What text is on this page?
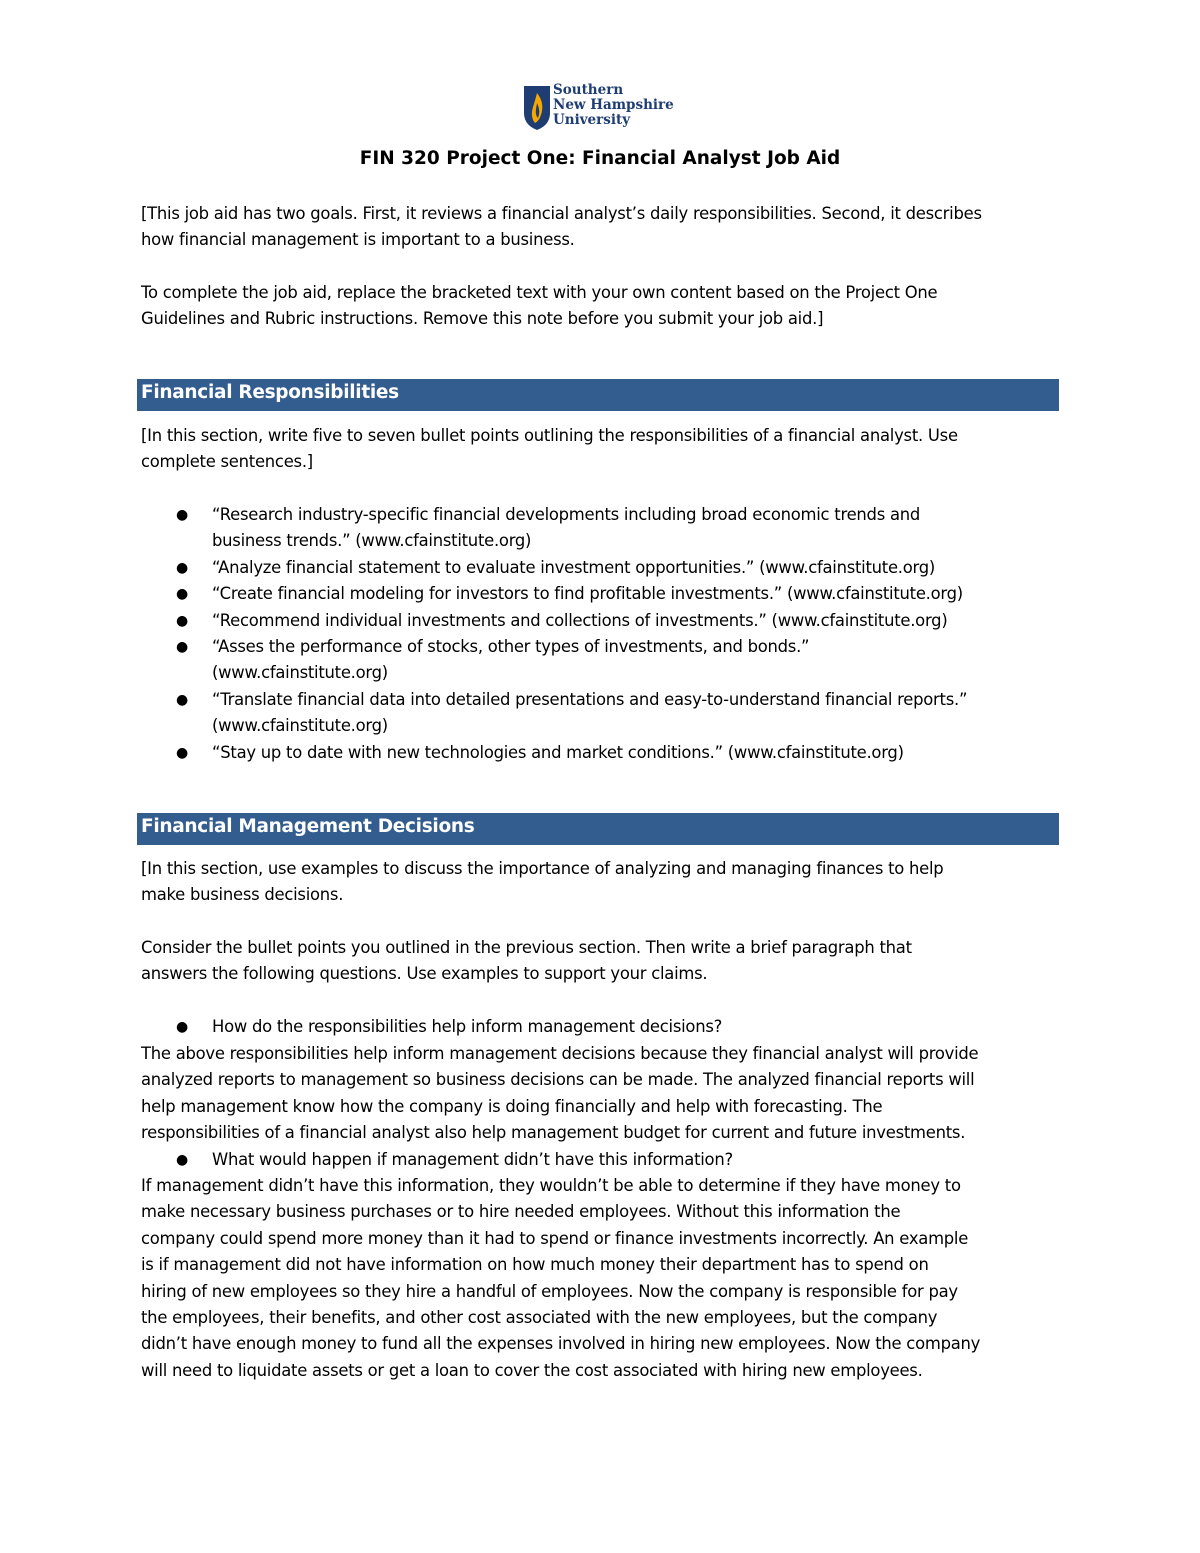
Southern
New Hampshire
University
FIN 320 Project One: Financial Analyst Job Aid
[This job aid has two goals. First, it reviews a financial analyst’s daily responsibilities. Second, it describes
how financial management is important to a business.
To complete the job aid, replace the bracketed text with your own content based on the Project One
Guidelines and Rubric instructions. Remove this note before you submit your job aid.]
Financial Responsibilities
[In this section, write five to seven bullet points outlining the responsibilities of a financial analyst. Use
complete sentences.]
● “Research industry-specific financial developments including broad economic trends and
business trends.” (www.cfainstitute.org)
● “Analyze financial statement to evaluate investment opportunities.” (www.cfainstitute.org)
● “Create financial modeling for investors to find profitable investments.” (www.cfainstitute.org)
● “Recommend individual investments and collections of investments.” (www.cfainstitute.org)
● “Asses the performance of stocks, other types of investments, and bonds.”
(www.cfainstitute.org)
● “Translate financial data into detailed presentations and easy-to-understand financial reports.”
(www.cfainstitute.org)
● “Stay up to date with new technologies and market conditions.” (www.cfainstitute.org)
Financial Management Decisions
[In this section, use examples to discuss the importance of analyzing and managing finances to help
make business decisions.
Consider the bullet points you outlined in the previous section. Then write a brief paragraph that
answers the following questions. Use examples to support your claims.
● How do the responsibilities help inform management decisions?
The above responsibilities help inform management decisions because they financial analyst will provide
analyzed reports to management so business decisions can be made. The analyzed financial reports will
help management know how the company is doing financially and help with forecasting. The
responsibilities of a financial analyst also help management budget for current and future investments.
● What would happen if management didn’t have this information?
If management didn’t have this information, they wouldn’t be able to determine if they have money to
make necessary business purchases or to hire needed employees. Without this information the
company could spend more money than it had to spend or finance investments incorrectly. An example
is if management did not have information on how much money their department has to spend on
hiring of new employees so they hire a handful of employees. Now the company is responsible for pay
the employees, their benefits, and other cost associated with the new employees, but the company
didn’t have enough money to fund all the expenses involved in hiring new employees. Now the company
will need to liquidate assets or get a loan to cover the cost associated with hiring new employees.
